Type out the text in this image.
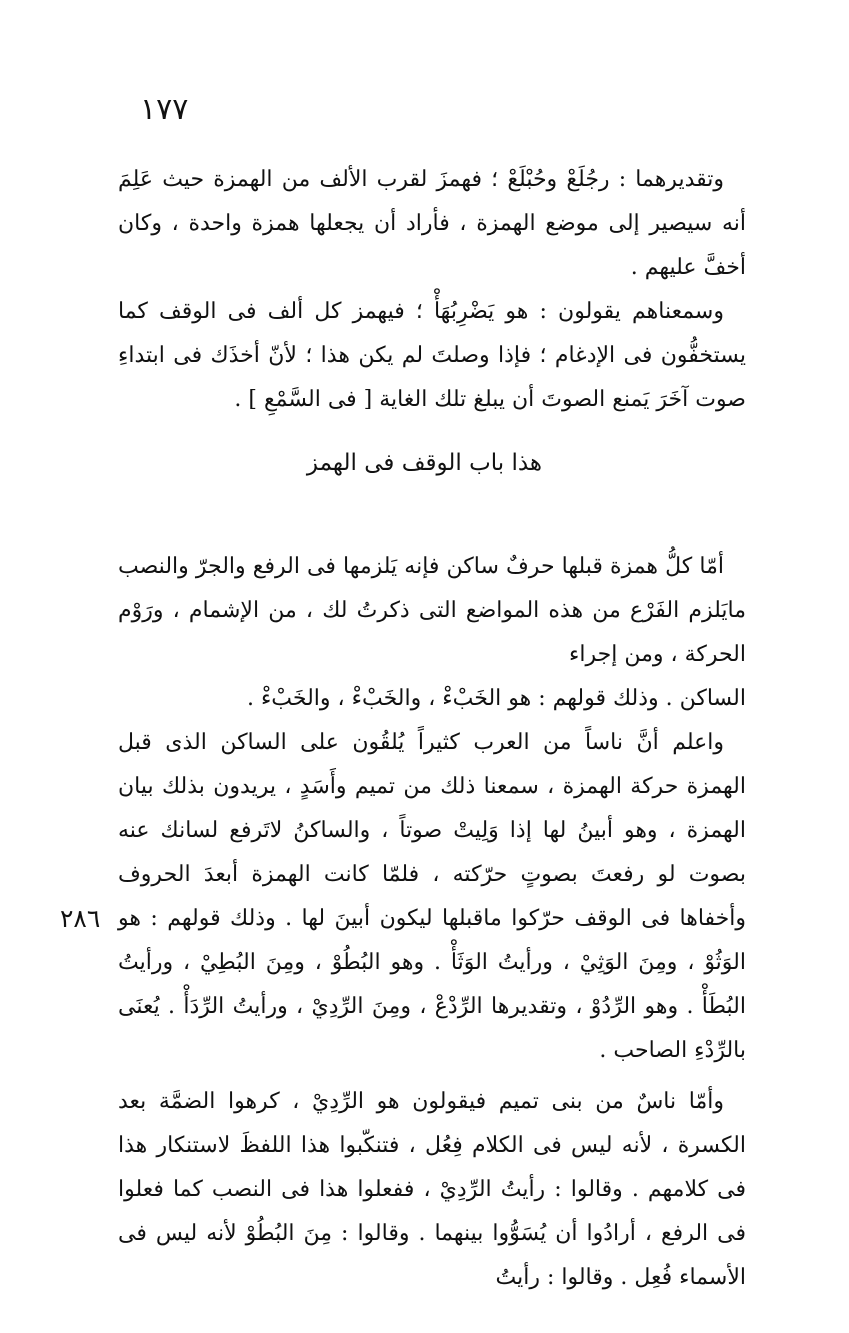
١٧٧

وتقديرهما : رجُلَعْ وحُبْلَعْ ؛ فهمزَ لقرب الألف من الهمزة حيث عَلِمَ أنه سيصير إلى موضع الهمزة ، فأراد أن يجعلها همزة واحدة ، وكان أخفَّ عليهم .

وسمعناهم يقولون : هو يَضْرِبُهَأْ ؛ فيهمز كل ألف فى الوقف كما يستخفُّون فى الإدغام ؛ فإذا وصلتَ لم يكن هذا ؛ لأنّ أخذَك فى ابتداءِ صوت آخَرَ يَمنع الصوتَ أن يبلغ تلك الغاية [ فى السَّمْعِ ] .

هذا باب الوقف فى الهمز

أمّا كلُّ همزة قبلها حرفٌ ساكن فإنه يَلزمها فى الرفع والجرّ والنصب مايَلزم الفَرْع من هذه المواضع التى ذكرتُ لك ، من الإشمام ، ورَوْم الحركة ، ومن إجراء

الساكن . وذلك قولهم : هو الخَبْءْ ، والخَبْءْ ، والخَبْءْ .

واعلم أنَّ ناساً من العرب كثيراً يُلقُون على الساكن الذى قبل الهمزة حركة الهمزة ، سمعنا ذلك من تميم وأَسَدٍ ، يريدون بذلك بيان الهمزة ، وهو أبينُ لها إذا وَلِيتْ صوتاً ، والساكنُ لاتَرفع لسانك عنه بصوت لو رفعتَ بصوتٍ حرّكته ، فلمّا كانت الهمزة أبعدَ الحروف وأخفاها فى الوقف حرّكوا ماقبلها ليكون أبينَ لها . وذلك قولهم : هو الوَثُوْ ، ومِنَ الوَثِيْ ، ورأيتُ الوَثَأْ . وهو البُطُوْ ، ومِنَ البُطِيْ ، ورأيتُ البُطَأْ . وهو الرِّدُوْ ، وتقديرها الرِّدْعْ ، ومِنَ الرِّدِيْ ، ورأيتُ الرِّدَأْ . يُعنَى بالرِّدْءِ الصاحب .

٢٨٦

وأمّا ناسٌ من بنى تميم فيقولون هو الرِّدِيْ ، كرهوا الضمَّة بعد الكسرة ، لأنه ليس فى الكلام فِعُل ، فتنكّبوا هذا اللفظَ لاستنكار هذا فى كلامهم . وقالوا : رأيتُ الرِّدِيْ ، ففعلوا هذا فى النصب كما فعلوا فى الرفع ، أرادُوا أن يُسَوُّوا بينهما . وقالوا : مِنَ البُطُوْ لأنه ليس فى الأسماء فُعِل . وقالوا : رأيتُ
